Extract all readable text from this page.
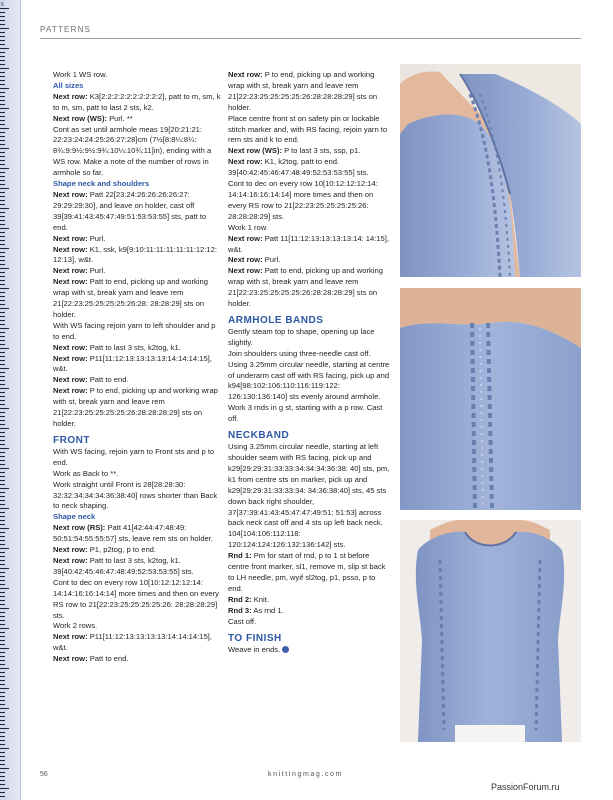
5
PATTERNS

Work 1 WS row.

All sizes

Next row: K3[2:2:2:2:2:2:2:2:2:2], patt to m, sm, k to m, sm, patt to last 2 sts, k2.

Next row (WS): Purl. **

Cont as set until armhole meas 19[20:21:21: 22:23:24:24:25:26:27:28]cm (7½[8:8¼:8¼: 8¾:9:9½:9½:9¾:10¼:10¾:11]in), ending with a WS row. Make a note of the number of rows in armhole so far.

Shape neck and shoulders

Next row: Patt 22[23:24:26:26:26:26:27: 29:29:29:30], and leave on holder, cast off 39[39:41:43:45:47:49:51:53:53:55] sts, patt to end.

Next row: Purl.

Next row: K1, ssk, k9[9:10:11:11:11:11:11:12:12: 12:13], w&t.

Next row: Purl.

Next row: Patt to end, picking up and working wrap with st, break yarn and leave rem 21[22:23:25:25:25:25:26:28: 28:28:29] sts on holder.

With WS facing rejoin yarn to left shoulder and p to end.

Next row: Patt to last 3 sts, k2tog, k1.

Next row: P11[11:12:13:13:13:13:14:14:14:15], w&t.

Next row: Patt to end.

Next row: P to end, picking up and working wrap with st, break yarn and leave rem 21[22:23:25:25:25:25:26:28:28:28:29] sts on holder.

FRONT

With WS facing, rejoin yarn to Front sts and p to end.

Work as Back to **.

Work straight until Front is 28[28:28:30: 32:32:34:34:34:36:38:40] rows shorter than Back to neck shaping.

Shape neck

Next row (RS): Patt 41[42:44:47:48:49: 50:51:54:55:55:57] sts, leave rem sts on holder.

Next row: P1, p2tog, p to end.

Next row: Patt to last 3 sts, k2tog, k1. 39[40:42:45:46:47:48:49:52:53:53:55] sts.

Cont to dec on every row 10[10:12:12:12:14: 14:14:16:16:14:14] more times and then on every RS row to 21[22:23:25:25:25:25:26: 28:28:28:29] sts.

Work 2 rows.

Next row: P11[11:12:13:13:13:13:14:14:14:15], w&t.

Next row: Patt to end.

Next row: P to end, picking up and working wrap with st, break yarn and leave rem 21[22:23:25:25:25:25:26:28:28:28:29] sts on holder.

Place centre front st on safety pin or lockable stitch marker and, with RS facing, rejoin yarn to rem sts and k to end.

Next row (WS): P to last 3 sts, ssp, p1.

Next row: K1, k2tog, patt to end. 39[40:42:45:46:47:48:49:52:53:53:55] sts.

Cont to dec on every row 10[10:12:12:12:14: 14:14:16:16:14:14] more times and then on every RS row to 21[22:23:25:25:25:25:26: 28:28:28:29] sts.

Work 1 row.

Next row: Patt 11[11:12:13:13:13:13:14: 14:15], w&t.

Next row: Purl.

Next row: Patt to end, picking up and working wrap with st, break yarn and leave rem 21[22:23:25:25:25:25:26:28:28:28:29] sts on holder.

ARMHOLE BANDS

Gently steam top to shape, opening up lace slightly.

Join shoulders using three-needle cast off.

Using 3.25mm circular needle, starting at centre of underarm cast off with RS facing, pick up and k94[98:102:106:110:116:119:122: 126:130:136:140] sts evenly around armhole.

Work 3 rnds in g st, starting with a p row. Cast off.

NECKBAND

Using 3.25mm circular needle, starting at left shoulder seam with RS facing, pick up and k29[29:29:31:33:33:34:34:34:36:38: 40] sts, pm, k1 from centre sts on marker, pick up and k29[29:29:31:33:33:34: 34:36:38:40] sts, 45 sts down back right shoulder, 37[37:39:41:43:45:47:47:49:51: 51:53] across back neck cast off and 4 sts up left back neck. 104[104:106:112:118: 120:124:124:126:132:136:142] sts.

Rnd 1: Pm for start of rnd, p to 1 st before centre front marker, sl1, remove m, slip st back to LH needle, pm, wyif sl2tog, p1, psso, p to end.

Rnd 2: Knit.

Rnd 3: As rnd 1.

Cast off.

TO FINISH

Weave in ends.

56	knittingmag.com
PassionForum.ru
